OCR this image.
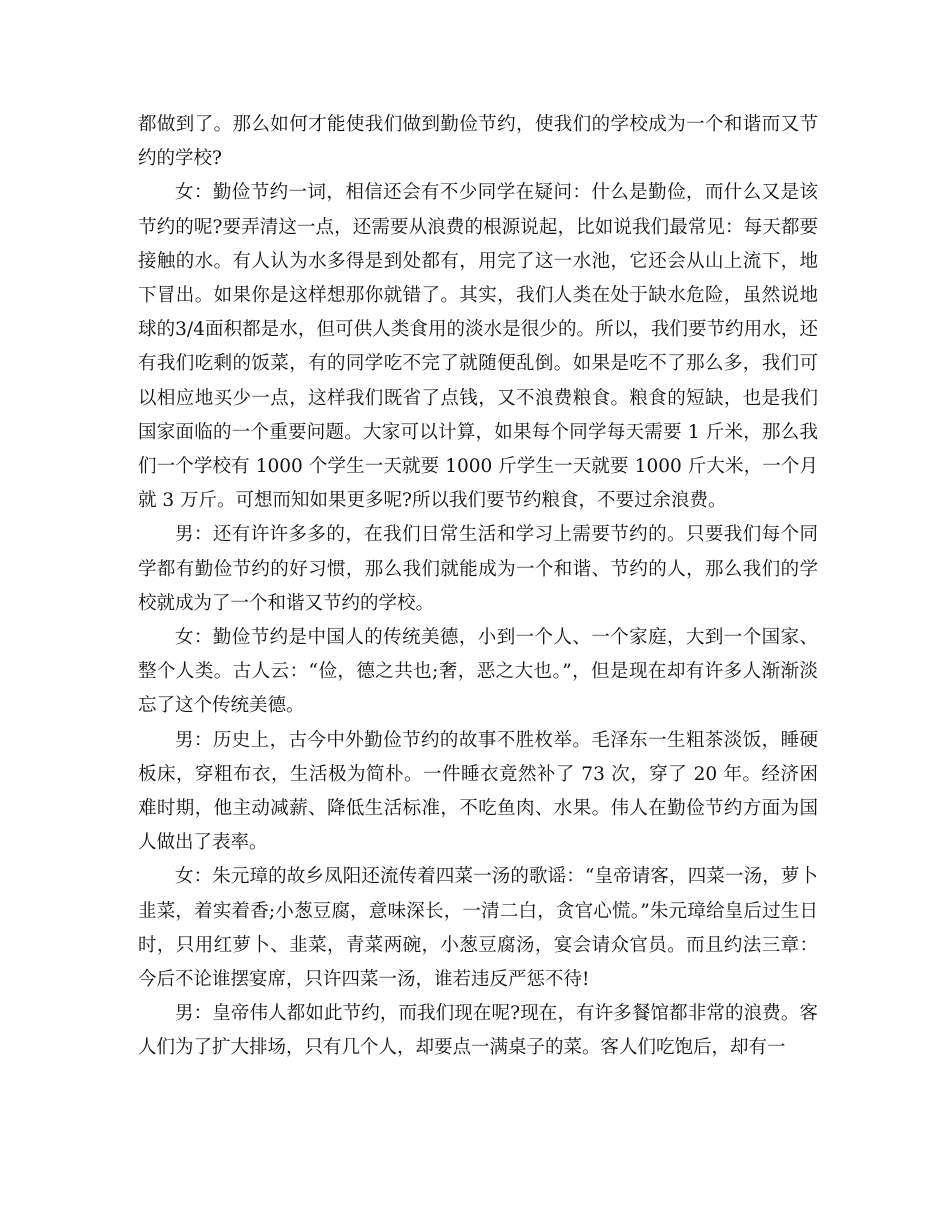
都做到了。那么如何才能使我们做到勤俭节约，使我们的学校成为一个和谐而又节约的学校?

女：勤俭节约一词，相信还会有不少同学在疑问：什么是勤俭，而什么又是该节约的呢?要弄清这一点，还需要从浪费的根源说起，比如说我们最常见：每天都要接触的水。有人认为水多得是到处都有，用完了这一水池，它还会从山上流下，地下冒出。如果你是这样想那你就错了。其实，我们人类在处于缺水危险，虽然说地球的3/4面积都是水，但可供人类食用的淡水是很少的。所以，我们要节约用水，还有我们吃剩的饭菜，有的同学吃不完了就随便乱倒。如果是吃不了那么多，我们可以相应地买少一点，这样我们既省了点钱，又不浪费粮食。粮食的短缺，也是我们国家面临的一个重要问题。大家可以计算，如果每个同学每天需要 1 斤米，那么我们一个学校有 1000 个学生一天就要 1000 斤学生一天就要 1000 斤大米，一个月就 3 万斤。可想而知如果更多呢?所以我们要节约粮食，不要过余浪费。

男：还有许许多多的，在我们日常生活和学习上需要节约的。只要我们每个同学都有勤俭节约的好习惯，那么我们就能成为一个和谐、节约的人，那么我们的学校就成为了一个和谐又节约的学校。

女：勤俭节约是中国人的传统美德，小到一个人、一个家庭，大到一个国家、整个人类。古人云：“俭，德之共也;奢，恶之大也。”，但是现在却有许多人渐渐淡忘了这个传统美德。

男：历史上，古今中外勤俭节约的故事不胜枚举。毛泽东一生粗茶淡饭，睡硬板床，穿粗布衣，生活极为简朴。一件睡衣竟然补了 73 次，穿了 20 年。经济困难时期，他主动减薪、降低生活标准，不吃鱼肉、水果。伟人在勤俭节约方面为国人做出了表率。

女：朱元璋的故乡凤阳还流传着四菜一汤的歌谣：“皇帝请客，四菜一汤，萝卜韭菜，着实着香;小葱豆腐，意味深长，一清二白，贪官心慌。”朱元璋给皇后过生日时，只用红萝卜、韭菜，青菜两碗，小葱豆腐汤，宴会请众官员。而且约法三章：今后不论谁摆宴席，只许四菜一汤，谁若违反严惩不待!

男：皇帝伟人都如此节约，而我们现在呢?现在，有许多餐馆都非常的浪费。客人们为了扩大排场，只有几个人，却要点一满桌子的菜。客人们吃饱后，却有一
